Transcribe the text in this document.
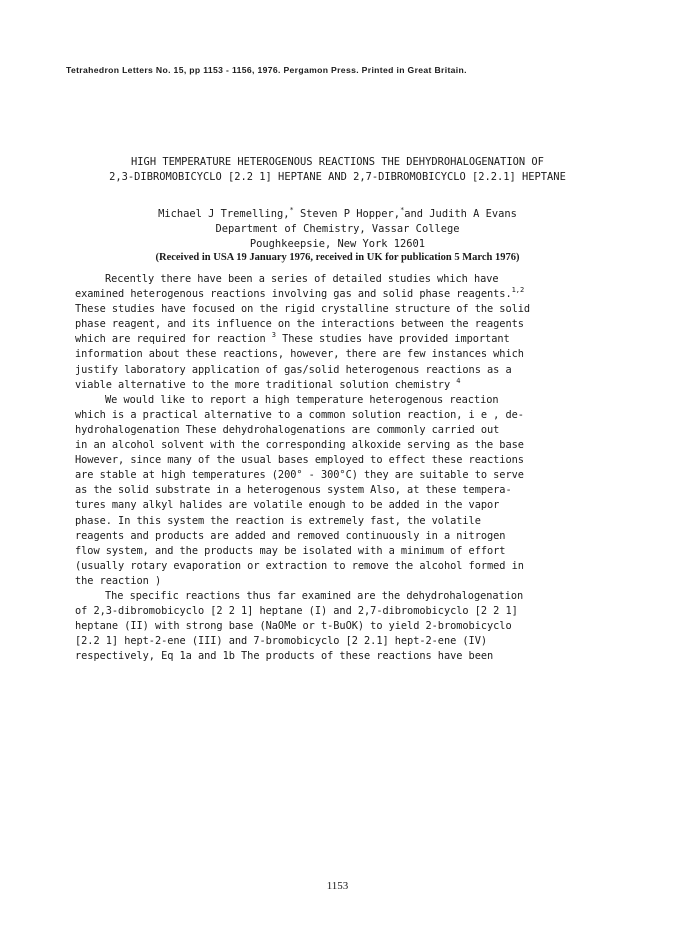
Tetrahedron Letters No. 15, pp 1153 - 1156, 1976. Pergamon Press. Printed in Great Britain.
HIGH TEMPERATURE HETEROGENOUS REACTIONS THE DEHYDROHALOGENATION OF
2,3-DIBROMOBICYCLO [2.2 1] HEPTANE AND 2,7-DIBROMOBICYCLO [2.2.1] HEPTANE
Michael J Tremelling,* Steven P Hopper,*and Judith A Evans
Department of Chemistry, Vassar College
Poughkeepsie, New York 12601
(Received in USA 19 January 1976, received in UK for publication 5 March 1976)
Recently there have been a series of detailed studies which have
examined heterogenous reactions involving gas and solid phase reagents.$^{1,2}$
These studies have focused on the rigid crystalline structure of the solid
phase reagent, and its influence on the interactions between the reagents
which are required for reaction $^3$ These studies have provided important
information about these reactions, however, there are few instances which
justify laboratory application of gas/solid heterogenous reactions as a
viable alternative to the more traditional solution chemistry $^4$
We would like to report a high temperature heterogenous reaction
which is a practical alternative to a common solution reaction, i e , de-
hydrohalogenation These dehydrohalogenations are commonly carried out
in an alcohol solvent with the corresponding alkoxide serving as the base
However, since many of the usual bases employed to effect these reactions
are stable at high temperatures (200° - 300°C) they are suitable to serve
as the solid substrate in a heterogenous system Also, at these tempera-
tures many alkyl halides are volatile enough to be added in the vapor
phase. In this system the reaction is extremely fast, the volatile
reagents and products are added and removed continuously in a nitrogen
flow system, and the products may be isolated with a minimum of effort
(usually rotary evaporation or extraction to remove the alcohol formed in
the reaction )
The specific reactions thus far examined are the dehydrohalogenation
of 2,3-dibromobicyclo [2 2 1] heptane (I) and 2,7-dibromobicyclo [2 2 1]
heptane (II) with strong base (NaOMe or t-BuOK) to yield 2-bromobicyclo
[2.2 1] hept-2-ene (III) and 7-bromobicyclo [2 2.1] hept-2-ene (IV)
respectively, Eq 1a and 1b The products of these reactions have been
1153
